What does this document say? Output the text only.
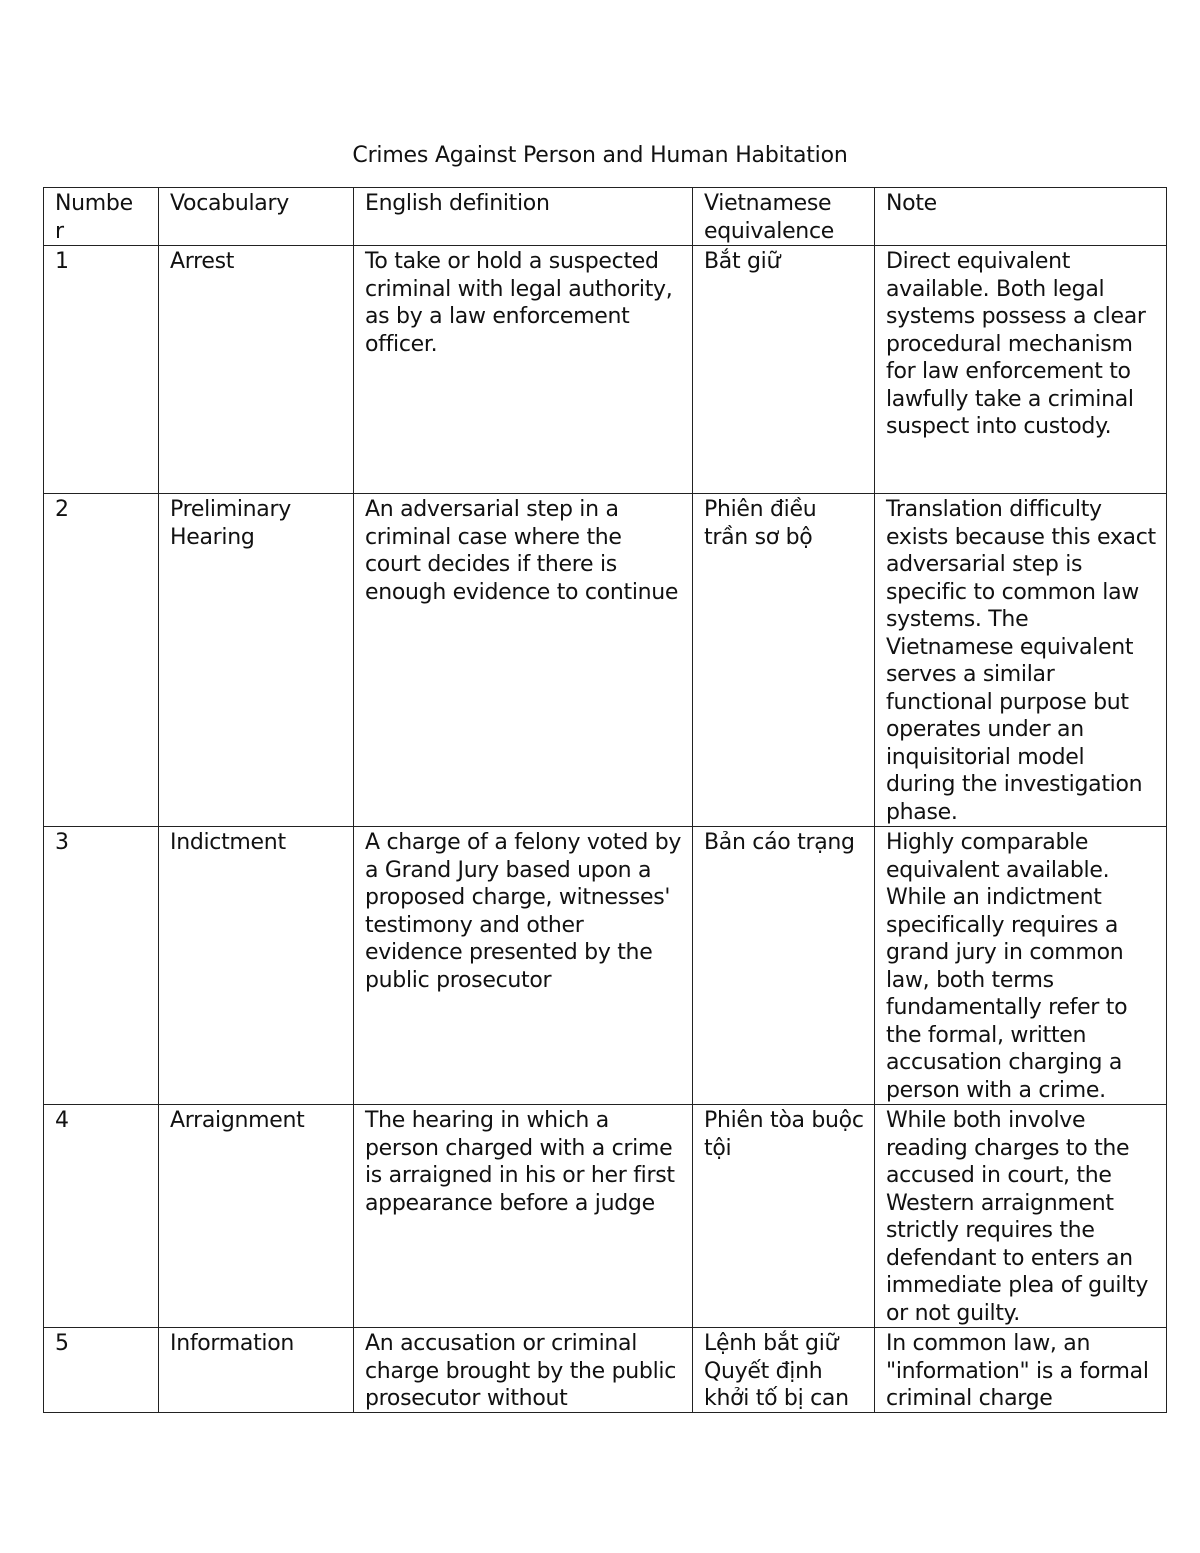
Crimes Against Person and Human Habitation
Numbe r	Vocabulary	English definition	Vietnamese equivalence	Note
1	Arrest	To take or hold a suspected criminal with legal authority, as by a law enforcement officer.	Bắt giữ	Direct equivalent available. Both legal systems possess a clear procedural mechanism for law enforcement to lawfully take a criminal suspect into custody.
2	Preliminary Hearing	An adversarial step in a criminal case where the court decides if there is enough evidence to continue	Phiên điều trần sơ bộ	Translation difficulty exists because this exact adversarial step is specific to common law systems. The Vietnamese equivalent serves a similar functional purpose but operates under an inquisitorial model during the investigation phase.
3	Indictment	A charge of a felony voted by a Grand Jury based upon a proposed charge, witnesses' testimony and other evidence presented by the public prosecutor	Bản cáo trạng	Highly comparable equivalent available. While an indictment specifically requires a grand jury in common law, both terms fundamentally refer to the formal, written accusation charging a person with a crime.
4	Arraignment	The hearing in which a person charged with a crime is arraigned in his or her first appearance before a judge	Phiên tòa buộc tội	While both involve reading charges to the accused in court, the Western arraignment strictly requires the defendant to enters an immediate plea of guilty or not guilty.

5	Information	An accusation or criminal charge brought by the public prosecutor without	Lệnh bắt giữ Quyết định khởi tố bị can	In common law, an "information" is a formal criminal charge
